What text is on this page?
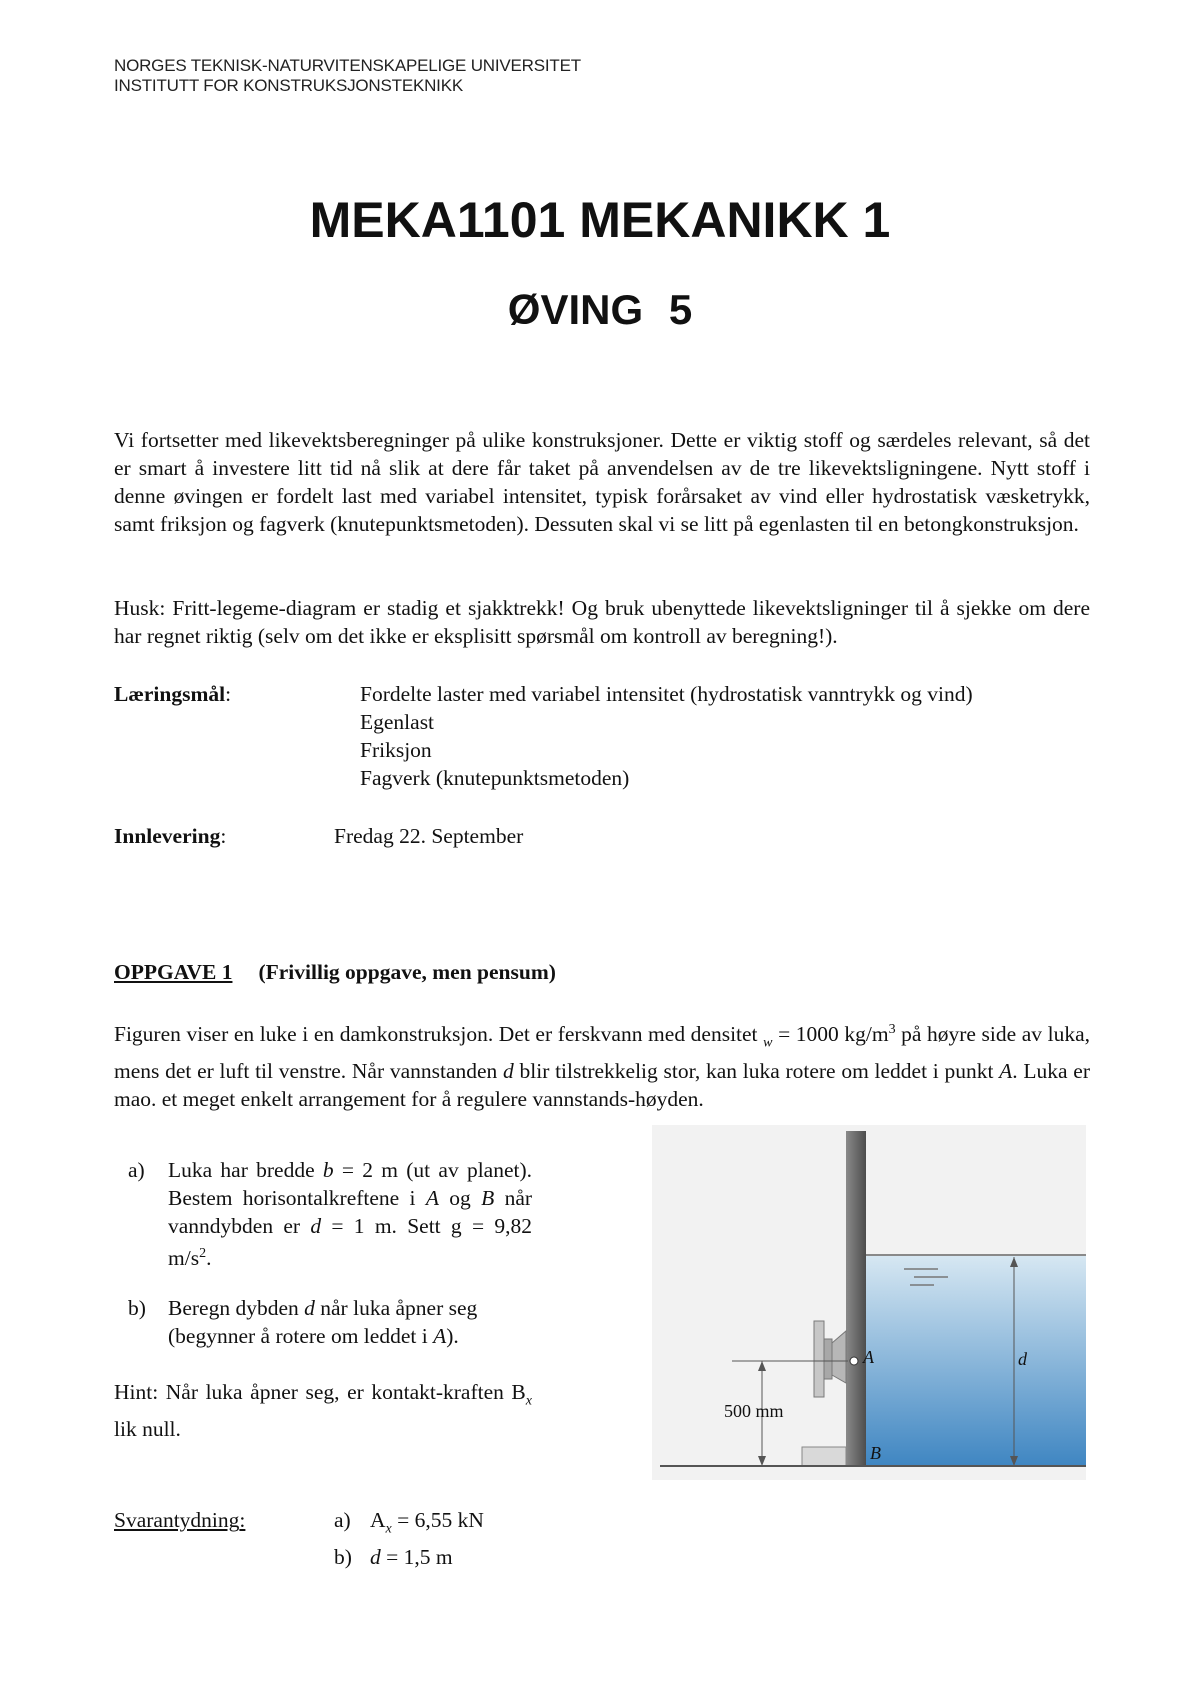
NORGES TEKNISK-NATURVITENSKAPELIGE UNIVERSITET
INSTITUTT FOR KONSTRUKSJONSTEKNIKK
MEKA1101 MEKANIKK 1
ØVING 5
Vi fortsetter med likevektsberegninger på ulike konstruksjoner. Dette er viktig stoff og særdeles relevant, så det er smart å investere litt tid nå slik at dere får taket på anvendelsen av de tre likevektsligningene. Nytt stoff i denne øvingen er fordelt last med variabel intensitet, typisk forårsaket av vind eller hydrostatisk væsketrykk, samt friksjon og fagverk (knutepunktsmetoden). Dessuten skal vi se litt på egenlasten til en betongkonstruksjon.
Husk: Fritt-legeme-diagram er stadig et sjakktrekk! Og bruk ubenyttede likevektsligninger til å sjekke om dere har regnet riktig (selv om det ikke er eksplisitt spørsmål om kontroll av beregning!).
Læringsmål:	Fordelte laster med variabel intensitet (hydrostatisk vanntrykk og vind)
Egenlast
Friksjon
Fagverk (knutepunktsmetoden)
Innlevering:	Fredag 22. September
OPPGAVE 1 (Frivillig oppgave, men pensum)
Figuren viser en luke i en damkonstruksjon. Det er ferskvann med densitet $_w$ = 1000 $kg/m^3$ på høyre side av luka, mens det er luft til venstre. Når vannstanden d blir tilstrekkelig stor, kan luka rotere om leddet i punkt A. Luka er mao. et meget enkelt arrangement for å regulere vannstands-høyden.
a)	Luka har bredde b = 2 m (ut av planet). Bestem horisontalkreftene i A og B når vanndybden er d = 1 m. Sett g = 9,82 $m/s^2$.
b)	Beregn dybden d når luka åpner seg (begynner å rotere om leddet i A).
Hint: Når luka åpner seg, er kontakt-kraften $B_x$ lik null.
500 mm
A
B
d
Svarantydning:	a) $A_x = 6,55$ kN
b) d = 1,5 m
